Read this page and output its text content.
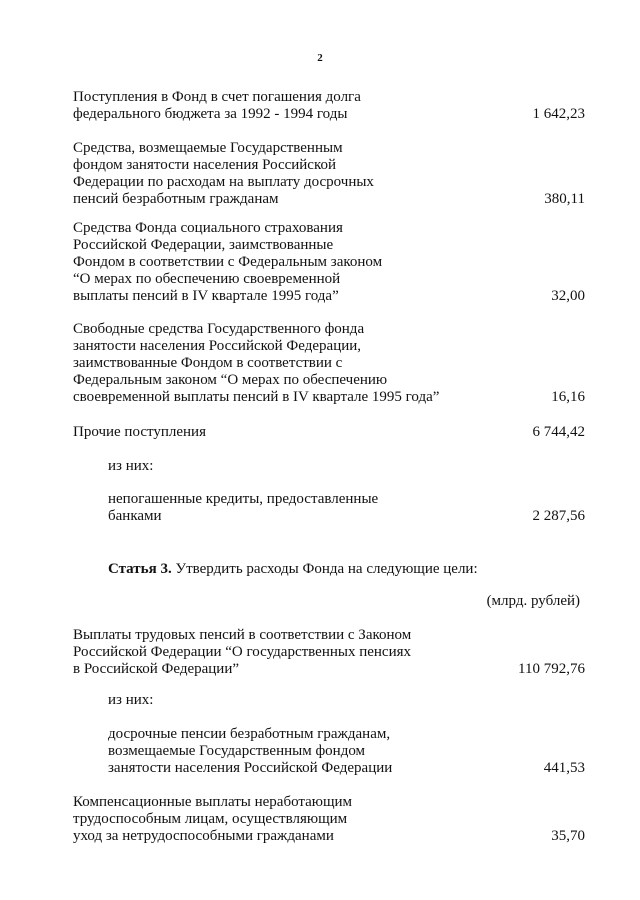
2
Поступления в Фонд в счет погашения долга
федерального бюджета за 1992 - 1994 годы	1 642,23
Средства, возмещаемые Государственным
фондом занятости населения Российской
Федерации по расходам на выплату досрочных
пенсий безработным гражданам	380,11
Средства Фонда социального страхования
Российской Федерации, заимствованные
Фондом в соответствии с Федеральным законом
“О мерах по обеспечению своевременной
выплаты пенсий в IV квартале 1995 года”	32,00
Свободные средства Государственного фонда
занятости населения Российской Федерации,
заимствованные Фондом в соответствии с
Федеральным законом “О мерах по обеспечению
своевременной выплаты пенсий в IV квартале 1995 года”	16,16
Прочие поступления	6 744,42
из них:
непогашенные кредиты, предоставленные
банками	2 287,56
Статья 3. Утвердить расходы Фонда на следующие цели:
(млрд. рублей)
Выплаты трудовых пенсий в соответствии с Законом
Российской Федерации “О государственных пенсиях
в Российской Федерации”	110 792,76
из них:
досрочные пенсии безработным гражданам,
возмещаемые Государственным фондом
занятости населения Российской Федерации	441,53
Компенсационные выплаты неработающим
трудоспособным лицам, осуществляющим
уход за нетрудоспособными гражданами	35,70
